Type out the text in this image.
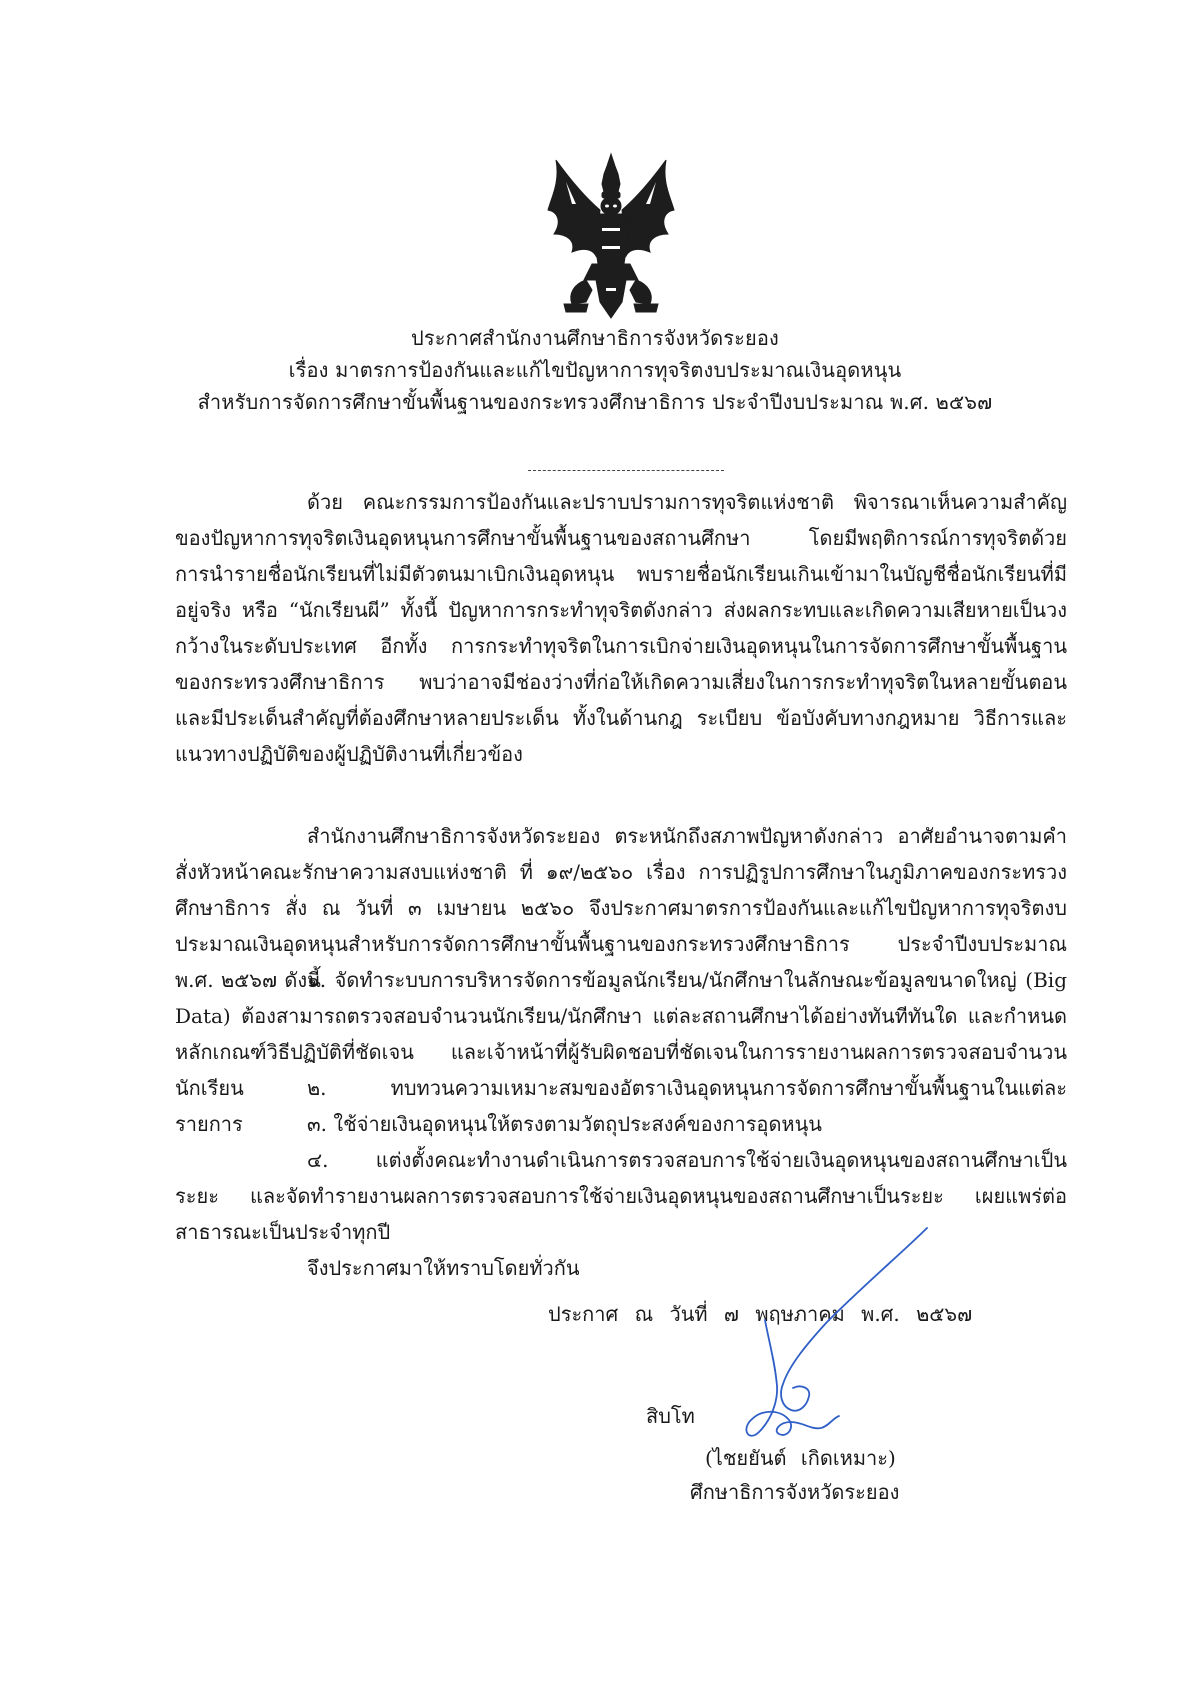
ประกาศสำนักงานศึกษาธิการจังหวัดระยอง
เรื่อง มาตรการป้องกันและแก้ไขปัญหาการทุจริตงบประมาณเงินอุดหนุน
สำหรับการจัดการศึกษาขั้นพื้นฐานของกระทรวงศึกษาธิการ ประจำปีงบประมาณ พ.ศ. ๒๕๖๗
ด้วย คณะกรรมการป้องกันและปราบปรามการทุจริตแห่งชาติ พิจารณาเห็นความสำคัญของปัญหาการทุจริตเงินอุดหนุนการศึกษาขั้นพื้นฐานของสถานศึกษา โดยมีพฤติการณ์การทุจริตด้วยการนำรายชื่อนักเรียนที่ไม่มีตัวตนมาเบิกเงินอุดหนุน พบรายชื่อนักเรียนเกินเข้ามาในบัญชีชื่อนักเรียนที่มีอยู่จริง หรือ “นักเรียนผี” ทั้งนี้ ปัญหาการกระทำทุจริตดังกล่าว ส่งผลกระทบและเกิดความเสียหายเป็นวงกว้างในระดับประเทศ อีกทั้ง การกระทำทุจริตในการเบิกจ่ายเงินอุดหนุนในการจัดการศึกษาขั้นพื้นฐานของกระทรวงศึกษาธิการ พบว่าอาจมีช่องว่างที่ก่อให้เกิดความเสี่ยงในการกระทำทุจริตในหลายขั้นตอน และมีประเด็นสำคัญที่ต้องศึกษาหลายประเด็น ทั้งในด้านกฎ ระเบียบ ข้อบังคับทางกฎหมาย วิธีการและแนวทางปฏิบัติของผู้ปฏิบัติงานที่เกี่ยวข้อง
สำนักงานศึกษาธิการจังหวัดระยอง ตระหนักถึงสภาพปัญหาดังกล่าว อาศัยอำนาจตามคำสั่งหัวหน้าคณะรักษาความสงบแห่งชาติ ที่ ๑๙/๒๕๖๐ เรื่อง การปฏิรูปการศึกษาในภูมิภาคของกระทรวงศึกษาธิการ สั่ง ณ วันที่ ๓ เมษายน ๒๕๖๐ จึงประกาศมาตรการป้องกันและแก้ไขปัญหาการทุจริตงบประมาณเงินอุดหนุนสำหรับการจัดการศึกษาขั้นพื้นฐานของกระทรวงศึกษาธิการ ประจำปีงบประมาณ พ.ศ. ๒๕๖๗ ดังนี้
๑. จัดทำระบบการบริหารจัดการข้อมูลนักเรียน/นักศึกษาในลักษณะข้อมูลขนาดใหญ่ (Big Data) ต้องสามารถตรวจสอบจำนวนนักเรียน/นักศึกษา แต่ละสถานศึกษาได้อย่างทันทีทันใด และกำหนดหลักเกณฑ์วิธีปฏิบัติที่ชัดเจน และเจ้าหน้าที่ผู้รับผิดชอบที่ชัดเจนในการรายงานผลการตรวจสอบจำนวนนักเรียน	๒. ทบทวนความเหมาะสมของอัตราเงินอุดหนุนการจัดการศึกษาขั้นพื้นฐานในแต่ละรายการ	๓. ใช้จ่ายเงินอุดหนุนให้ตรงตามวัตถุประสงค์ของการอุดหนุน
๔. แต่งตั้งคณะทำงานดำเนินการตรวจสอบการใช้จ่ายเงินอุดหนุนของสถานศึกษาเป็นระยะ และจัดทำรายงานผลการตรวจสอบการใช้จ่ายเงินอุดหนุนของสถานศึกษาเป็นระยะ เผยแพร่ต่อสาธารณะเป็นประจำทุกปี
จึงประกาศมาให้ทราบโดยทั่วกัน
ประกาศ ณ วันที่ ๗ พฤษภาคม พ.ศ. ๒๕๖๗
สิบโท
(ไชยยันต์ เกิดเหมาะ)
ศึกษาธิการจังหวัดระยอง
